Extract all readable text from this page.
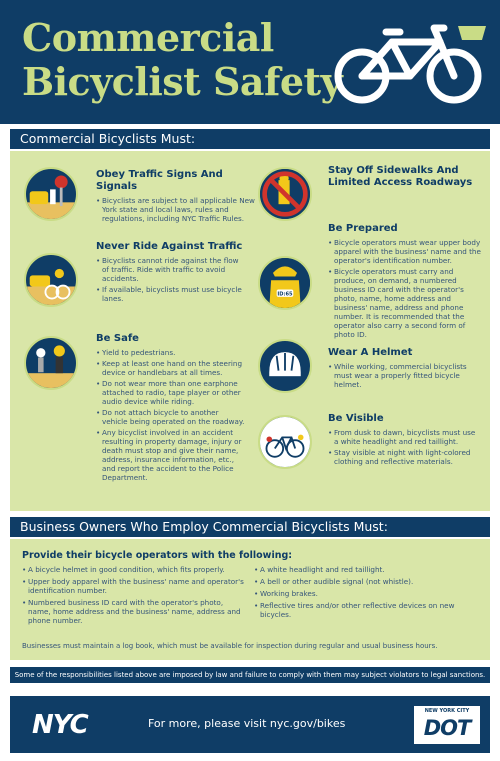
Commercial
Bicyclist Safety
Commercial Bicyclists Must:
Obey Traffic Signs And Signals
• Bicyclists are subject to all applicable New York state and local laws, rules and regulations, including NYC Traffic Rules.
Never Ride Against Traffic
• Bicyclists cannot ride against the flow of traffic. Ride with traffic to avoid accidents.
• If available, bicyclists must use bicycle lanes.
Be Safe
• Yield to pedestrians.
• Keep at least one hand on the steering device or handlebars at all times.
• Do not wear more than one earphone attached to radio, tape player or other audio device while riding.
• Do not attach bicycle to another vehicle being operated on the roadway.
• Any bicyclist involved in an accident resulting in property damage, injury or death must stop and give their name, address, insurance information, etc., and report the accident to the Police Department.
ID:65
Stay Off Sidewalks And Limited Access Roadways
Be Prepared
• Bicycle operators must wear upper body apparel with the business' name and the operator's identification number.
• Bicycle operators must carry and produce, on demand, a numbered business ID card with the operator's photo, name, home address and business' name, address and phone number. It is recommended that the operator also carry a second form of photo ID.
Wear A Helmet
• While working, commercial bicyclists must wear a properly fitted bicycle helmet.
Be Visible
• From dusk to dawn, bicyclists must use a white headlight and red taillight.
• Stay visible at night with light-colored clothing and reflective materials.
Business Owners Who Employ Commercial Bicyclists Must:
Provide their bicycle operators with the following:
• A bicycle helmet in good condition, which fits properly.
• Upper body apparel with the business' name and operator's identification number.
• Numbered business ID card with the operator's photo, name, home address and the business' name, address and phone number.
• A white headlight and red taillight.
• A bell or other audible signal (not whistle).
• Working brakes.
• Reflective tires and/or other reflective devices on new bicycles.
Businesses must maintain a log book, which must be available for inspection during regular and usual business hours.
Some of the responsibilities listed above are imposed by law and failure to comply with them may subject violators to legal sanctions.
NYC	For more, please visit nyc.gov/bikes
NEW YORK CITY
DOT
